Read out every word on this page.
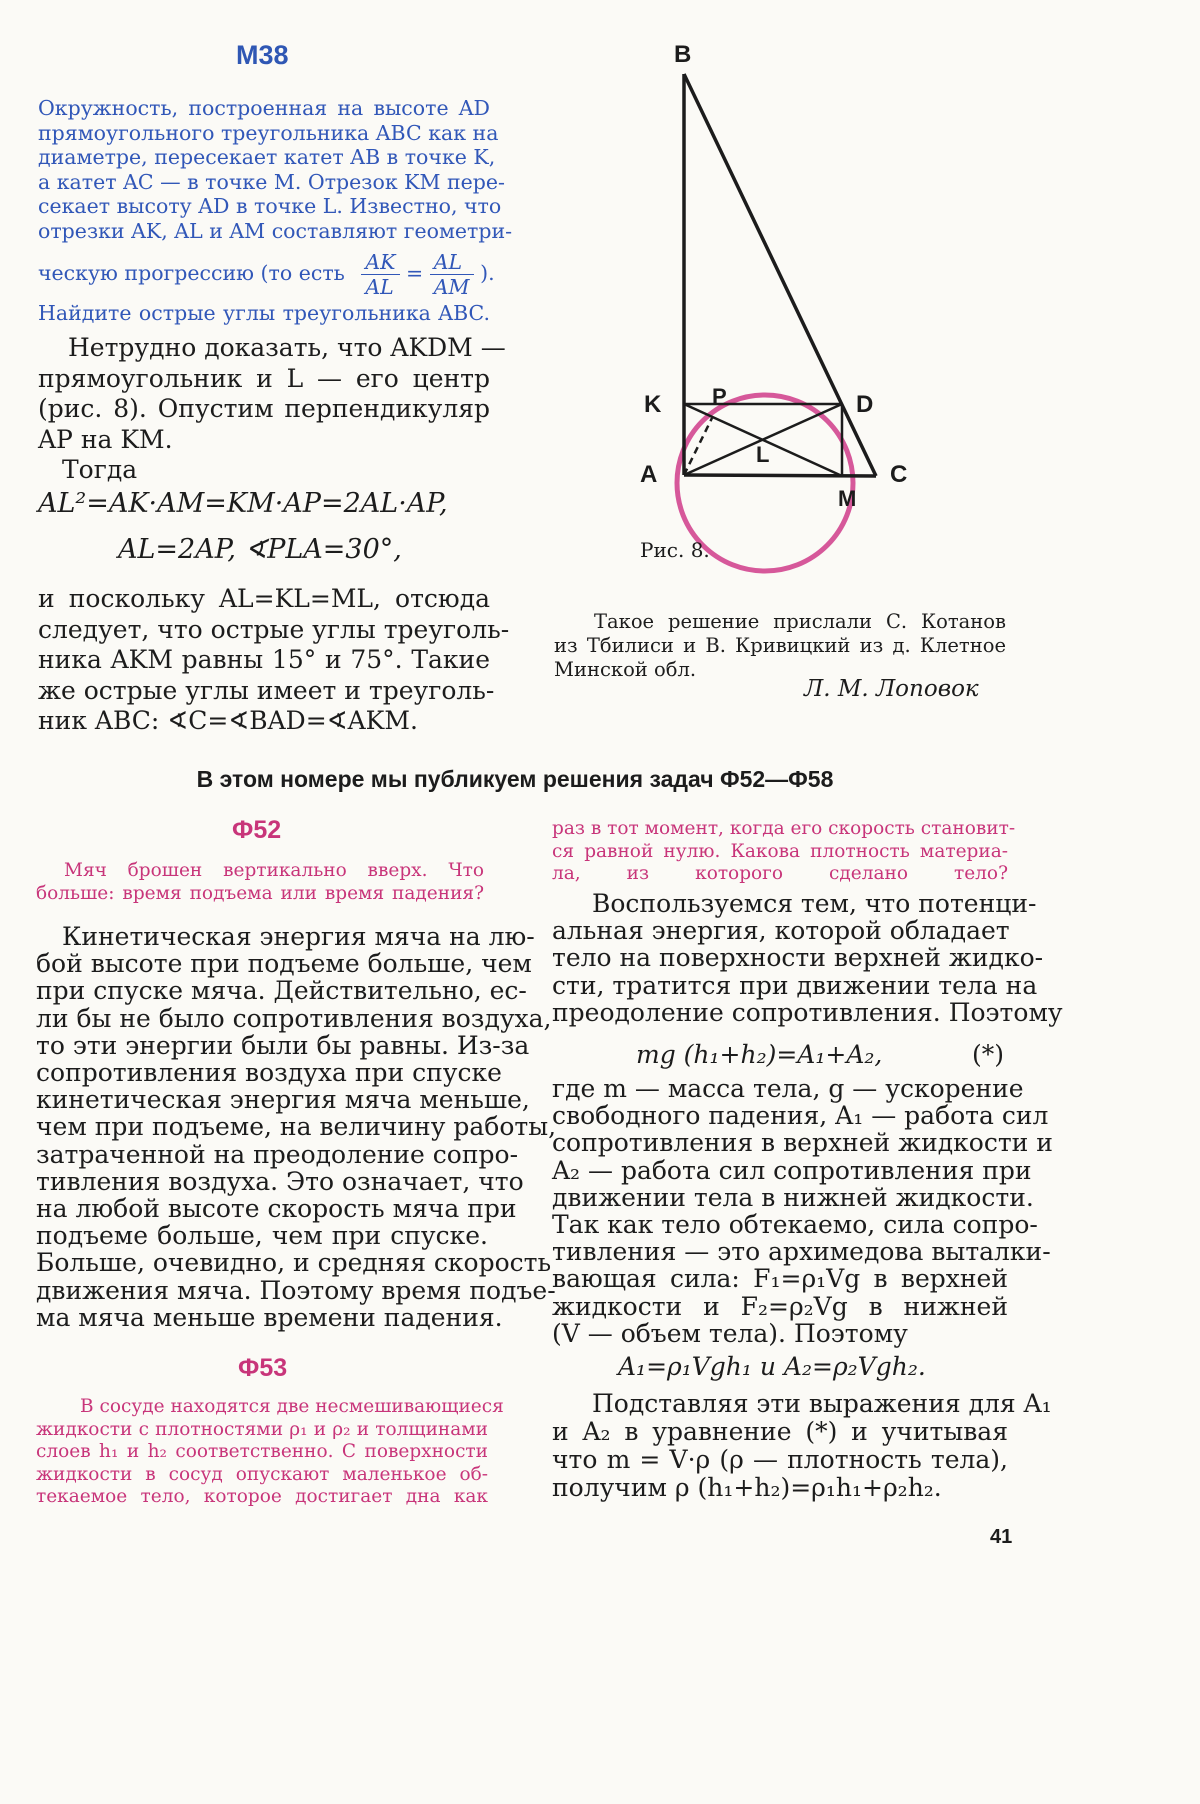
М38
Окружность, построенная на высоте AD
прямоугольного треугольника ABC как на
диаметре, пересекает катет AB в точке K,
а катет AC — в точке M. Отрезок KM пере-
секает высоту AD в точке L. Известно, что
отрезки AK, AL и AM составляют геометри-
ческую прогрессию (то есть $\frac{AK}{AL} = \frac{AL}{AM}$ ).
Найдите острые углы треугольника ABC.
Нетрудно доказать, что AKDM —
прямоугольник и L — его центр
(рис. 8). Опустим перпендикуляр
AP на KM.
Тогда
AL²=AK·AM=KM·AP=2AL·AP,
AL=2AP, ∢PLA=30°,
и поскольку AL=KL=ML, отсюда
следует, что острые углы треуголь-
ника AKM равны 15° и 75°. Такие
же острые углы имеет и треуголь-
ник ABC: ∢C=∢BAD=∢AKM.
B
K P	D
A
L
C
M
Рис. 8.
Такое решение прислали С. Котанов
из Тбилиси и В. Кривицкий из д. Клетное
Минской обл.
Л. М. Лоповок
В этом номере мы публикуем решения задач Ф52—Ф58
Ф52
Мяч брошен вертикально вверх. Что
больше: время подъема или время падения?
Кинетическая энергия мяча на лю-
бой высоте при подъеме больше, чем
при спуске мяча. Действительно, ес-
ли бы не было сопротивления воздуха,
то эти энергии были бы равны. Из-за
сопротивления воздуха при спуске
кинетическая энергия мяча меньше,
чем при подъеме, на величину работы,
затраченной на преодоление сопро-
тивления воздуха. Это означает, что
на любой высоте скорость мяча при
подъеме больше, чем при спуске.
Больше, очевидно, и средняя скорость
движения мяча. Поэтому время подъе-
ма мяча меньше времени падения.
Ф53
В сосуде находятся две несмешивающиеся
жидкости с плотностями ρ₁ и ρ₂ и толщинами
слоев h₁ и h₂ соответственно. С поверхности
жидкости в сосуд опускают маленькое об-
текаемое тело, которое достигает дна как
раз в тот момент, когда его скорость становит-
ся равной нулю. Какова плотность материа-
ла, из которого сделано тело?
Воспользуемся тем, что потенци-
альная энергия, которой обладает
тело на поверхности верхней жидко-
сти, тратится при движении тела на
преодоление сопротивления. Поэтому
mg (h₁+h₂)=A₁+A₂,	(*)
где m — масса тела, g — ускорение
свободного падения, A₁ — работа сил
сопротивления в верхней жидкости и
A₂ — работа сил сопротивления при
движении тела в нижней жидкости.
Так как тело обтекаемо, сила сопро-
тивления — это архимедова выталки-
вающая сила: F₁=ρ₁Vg в верхней
жидкости и F₂=ρ₂Vg в нижней
(V — объем тела). Поэтому
A₁=ρ₁Vgh₁ и A₂=ρ₂Vgh₂.
Подставляя эти выражения для A₁
и A₂ в уравнение (*) и учитывая
что m = V·ρ (ρ — плотность тела),
получим ρ (h₁+h₂)=ρ₁h₁+ρ₂h₂.
41
